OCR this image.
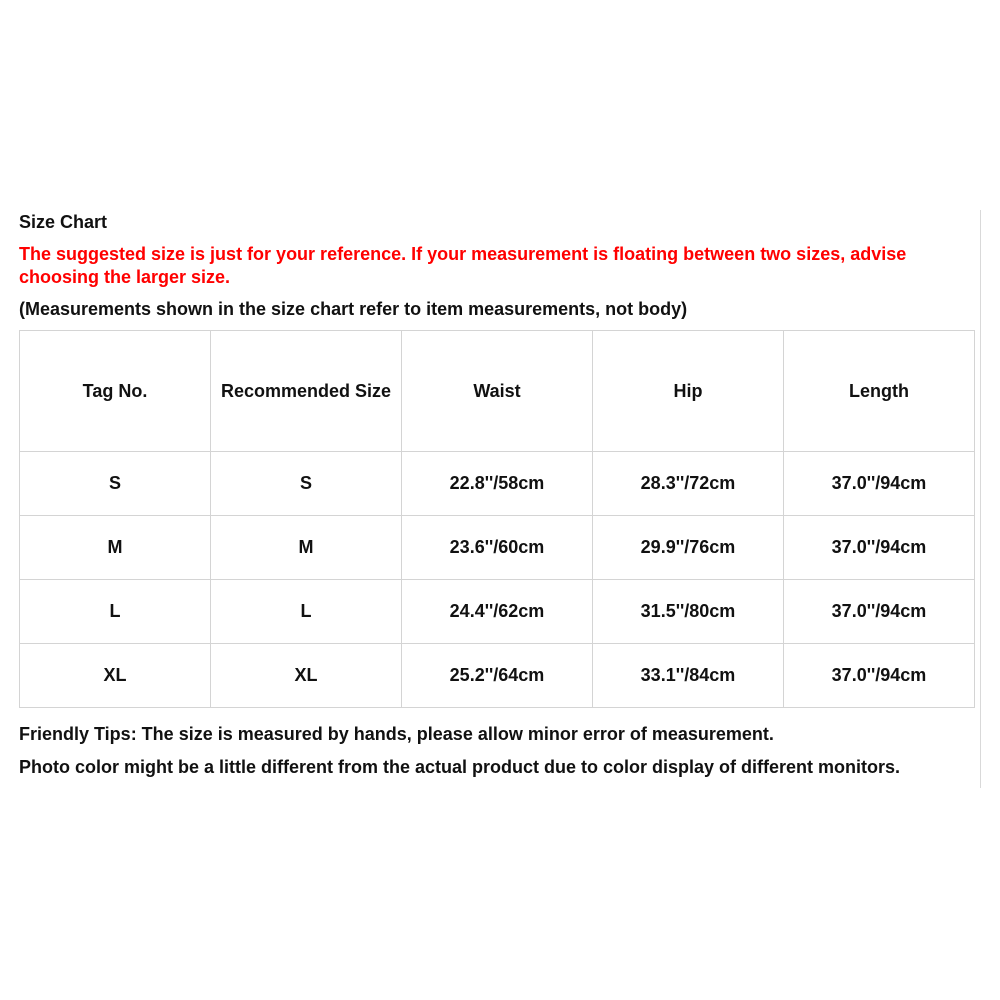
Size Chart
The suggested size is just for your reference. If your measurement is floating between two sizes, advise choosing the larger size.
(Measurements shown in the size chart refer to item measurements, not body)
Tag No.	Recommended Size	Waist	Hip	Length
S	S	22.8''/58cm	28.3''/72cm	37.0''/94cm
M	M	23.6''/60cm	29.9''/76cm	37.0''/94cm
L	L	24.4''/62cm	31.5''/80cm	37.0''/94cm
XL	XL	25.2''/64cm	33.1''/84cm	37.0''/94cm
Friendly Tips: The size is measured by hands, please allow minor error of measurement.
Photo color might be a little different from the actual product due to color display of different monitors.
